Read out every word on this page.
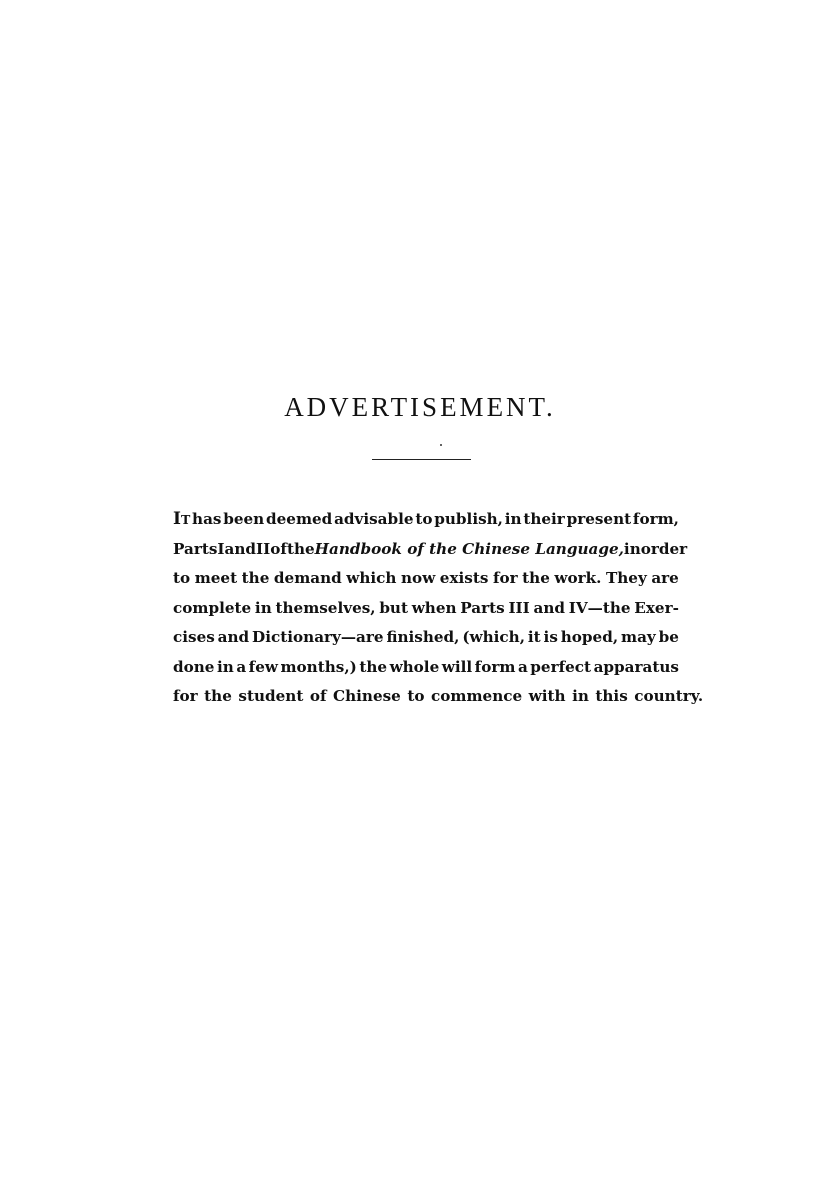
ADVERTISEMENT.
IT has been deemed advisable to publish, in their present form,
Parts I and II of the Handbook of the Chinese Language, in order
to meet the demand which now exists for the work. They are
complete in themselves, but when Parts III and IV—the Exer-
cises and Dictionary—are finished, (which, it is hoped, may be
done in a few months,) the whole will form a perfect apparatus
for the student of Chinese to commence with in this country.
